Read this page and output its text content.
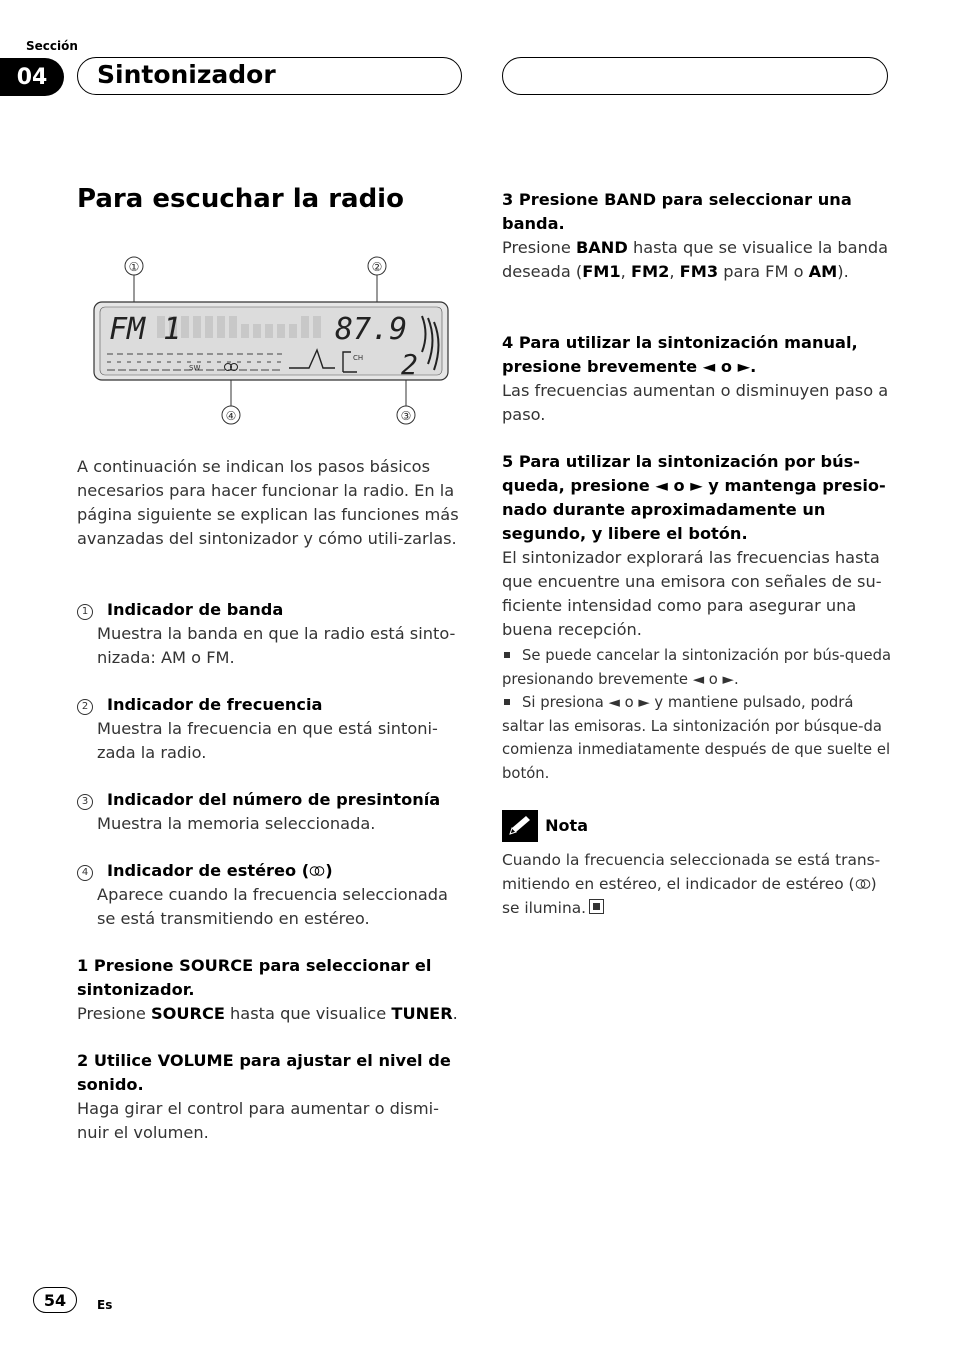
Sección
04	Sintonizador
Para escuchar la radio
①	②
④	③
FM 1	87.9
SW
CH 2

A continuación se indican los pasos básicos necesarios para hacer funcionar la radio. En la página siguiente se explican las funciones más avanzadas del sintonizador y cómo utili-zarlas.

1 Indicador de banda
Muestra la banda en que la radio está sinto-nizada: AM o FM.
2 Indicador de frecuencia
Muestra la frecuencia en que está sintoni-zada la radio.
3 Indicador del número de presintonía
Muestra la memoria seleccionada.
4 Indicador de estéreo ( )
Aparece cuando la frecuencia seleccionada se está transmitiendo en estéreo.

1 Presione SOURCE para seleccionar el sintonizador.

Presione SOURCE hasta que visualice TUNER.

2 Utilice VOLUME para ajustar el nivel de sonido.

Haga girar el control para aumentar o dismi-nuir el volumen.

3 Presione BAND para seleccionar una banda.

Presione BAND hasta que se visualice la banda deseada (FM1, FM2, FM3 para FM o AM).

4 Para utilizar la sintonización manual, presione brevemente ◄ o ►.

Las frecuencias aumentan o disminuyen paso a paso.

5 Para utilizar la sintonización por bús-queda, presione ◄ o ► y mantenga presio-nado durante aproximadamente un segundo, y libere el botón.

El sintonizador explorará las frecuencias hasta que encuentre una emisora con señales de su-ficiente intensidad como para asegurar una buena recepción.

Se puede cancelar la sintonización por bús-queda presionando brevemente ◄ o ►.
Si presiona ◄ o ► y mantiene pulsado, podrá saltar las emisoras. La sintonización por búsque-da comienza inmediatamente después de que suelte el botón.
Nota

Cuando la frecuencia seleccionada se está trans-mitiendo en estéreo, el indicador de estéreo ( ) se ilumina.

54	Es
